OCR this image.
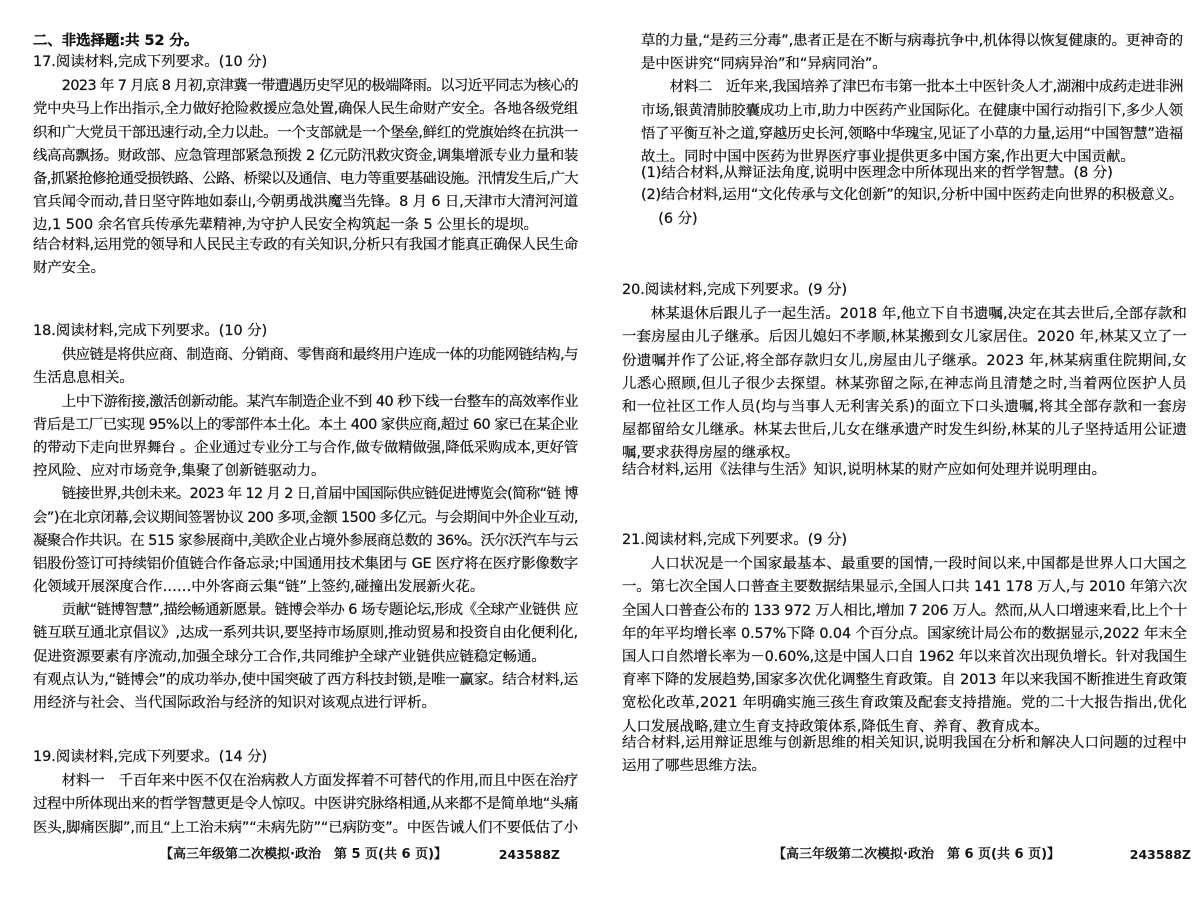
二、非选择题:共 52 分。
17.阅读材料,完成下列要求。(10 分)
2023 年 7 月底 8 月初,京津冀一带遭遇历史罕见的极端降雨。以习近平同志为核心的
党中央马上作出指示,全力做好抢险救援应急处置,确保人民生命财产安全。各地各级党组
织和广大党员干部迅速行动,全力以赴。一个支部就是一个堡垒,鲜红的党旗始终在抗洪一
线高高飘扬。财政部、应急管理部紧急预拨 2 亿元防汛救灾资金,调集增派专业力量和装
备,抓紧抢修抢通受损铁路、公路、桥梁以及通信、电力等重要基础设施。汛情发生后,广大
官兵闻令而动,昔日坚守阵地如泰山,今朝勇战洪魔当先锋。8 月 6 日,天津市大清河河道
边,1 500 余名官兵传承先辈精神,为守护人民安全构筑起一条 5 公里长的堤坝。
结合材料,运用党的领导和人民民主专政的有关知识,分析只有我国才能真正确保人民生命
财产安全。
18.阅读材料,完成下列要求。(10 分)
供应链是将供应商、制造商、分销商、零售商和最终用户连成一体的功能网链结构,与
生活息息相关。
上中下游衔接,激活创新动能。某汽车制造企业不到 40 秒下线一台整车的高效率作业
背后是工厂已实现 95%以上的零部件本土化。本土 400 家供应商,超过 60 家已在某企业
的带动下走向世界舞台 。企业通过专业分工与合作,做专做精做强,降低采购成本,更好管
控风险、应对市场竞争,集聚了创新链驱动力。
链接世界,共创未来。2023 年 12 月 2 日,首届中国国际供应链促进博览会(简称“链 博
会”)在北京闭幕,会议期间签署协议 200 多项,金额 1500 多亿元。与会期间中外企业互动,
凝聚合作共识。在 515 家参展商中,美欧企业占境外参展商总数的 36%。沃尔沃汽车与云
铝股份签订可持续铝价值链合作备忘录;中国通用技术集团与 GE 医疗将在医疗影像数字
化领域开展深度合作……中外客商云集“链”上签约,碰撞出发展新火花。
贡献“链博智慧”,描绘畅通新愿景。链博会举办 6 场专题论坛,形成《全球产业链供 应
链互联互通北京倡议》,达成一系列共识,要坚持市场原则,推动贸易和投资自由化便利化,
促进资源要素有序流动,加强全球分工合作,共同维护全球产业链供应链稳定畅通。
有观点认为,“链博会”的成功举办,使中国突破了西方科技封锁,是唯一赢家。结合材料,运
用经济与社会、当代国际政治与经济的知识对该观点进行评析。
19.阅读材料,完成下列要求。(14 分)
材料一　千百年来中医不仅在治病救人方面发挥着不可替代的作用,而且中医在治疗
过程中所体现出来的哲学智慧更是令人惊叹。中医讲究脉络相通,从来都不是简单地“头痛
医头,脚痛医脚”,而且“上工治未病”“未病先防”“已病防变”。中医告诫人们不要低估了小
【高三年级第二次模拟·政治　第 5 页(共 6 页)】	243588Z
草的力量,“是药三分毒”,患者正是在不断与病毒抗争中,机体得以恢复健康的。更神奇的
是中医讲究“同病异治”和“异病同治”。
材料二　近年来,我国培养了津巴布韦第一批本土中医针灸人才,湖湘中成药走进非洲
市场,银黄清肺胶囊成功上市,助力中医药产业国际化。在健康中国行动指引下,多少人领
悟了平衡互补之道,穿越历史长河,领略中华瑰宝,见证了小草的力量,运用“中国智慧”造福
故土。同时中国中医药为世界医疗事业提供更多中国方案,作出更大中国贡献。
(1)结合材料,从辩证法角度,说明中医理念中所体现出来的哲学智慧。(8 分)
(2)结合材料,运用“文化传承与文化创新”的知识,分析中国中医药走向世界的积极意义。
(6 分)
20.阅读材料,完成下列要求。(9 分)
林某退休后跟儿子一起生活。2018 年,他立下自书遗嘱,决定在其去世后,全部存款和
一套房屋由儿子继承。后因儿媳妇不孝顺,林某搬到女儿家居住。2020 年,林某又立了一
份遗嘱并作了公证,将全部存款归女儿,房屋由儿子继承。2023 年,林某病重住院期间,女
儿悉心照顾,但儿子很少去探望。林某弥留之际,在神志尚且清楚之时,当着两位医护人员
和一位社区工作人员(均与当事人无利害关系)的面立下口头遗嘱,将其全部存款和一套房
屋都留给女儿继承。林某去世后,儿女在继承遗产时发生纠纷,林某的儿子坚持适用公证遗
嘱,要求获得房屋的继承权。
结合材料,运用《法律与生活》知识,说明林某的财产应如何处理并说明理由。
21.阅读材料,完成下列要求。(9 分)
人口状况是一个国家最基本、最重要的国情,一段时间以来,中国都是世界人口大国之
一。第七次全国人口普查主要数据结果显示,全国人口共 141 178 万人,与 2010 年第六次
全国人口普查公布的 133 972 万人相比,增加 7 206 万人。然而,从人口增速来看,比上个十
年的年平均增长率 0.57%下降 0.04 个百分点。国家统计局公布的数据显示,2022 年末全
国人口自然增长率为－0.60%,这是中国人口自 1962 年以来首次出现负增长。针对我国生
育率下降的发展趋势,国家多次优化调整生育政策。自 2013 年以来我国不断推进生育政策
宽松化改革,2021 年明确实施三孩生育政策及配套支持措施。党的二十大报告指出,优化
人口发展战略,建立生育支持政策体系,降低生育、养育、教育成本。
结合材料,运用辩证思维与创新思维的相关知识,说明我国在分析和解决人口问题的过程中
运用了哪些思维方法。
【高三年级第二次模拟·政治　第 6 页(共 6 页)】	243588Z
